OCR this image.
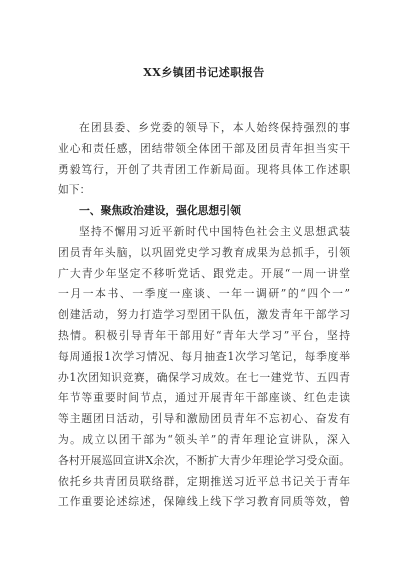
XX乡镇团书记述职报告
在团县委、乡党委的领导下，本人始终保持强烈的事
业心和责任感，团结带领全体团干部及团员青年担当实干
勇毅笃行，开创了共青团工作新局面。现将具体工作述职
如下：
一、聚焦政治建设，强化思想引领
坚持不懈用习近平新时代中国特色社会主义思想武装
团员青年头脑，以巩固党史学习教育成果为总抓手，引领
广大青少年坚定不移听党话、跟党走。开展“一周一讲堂
一月一本书、一季度一座谈、一年一调研”的“四个一”
创建活动，努力打造学习型团干队伍，激发青年干部学习
热情。积极引导青年干部用好“青年大学习”平台，坚持
每周通报1次学习情况、每月抽查1次学习笔记，每季度举
办1次团知识竞赛，确保学习成效。在七一建党节、五四青
年节等重要时间节点，通过开展青年干部座谈、红色走读
等主题团日活动，引导和激励团员青年不忘初心、奋发有
为。成立以团干部为“领头羊”的青年理论宣讲队，深入
各村开展巡回宣讲X余次，不断扩大青少年理论学习受众面。
依托乡共青团员联络群，定期推送习近平总书记关于青年
工作重要论述综述，保障线上线下学习教育同质等效，曾
